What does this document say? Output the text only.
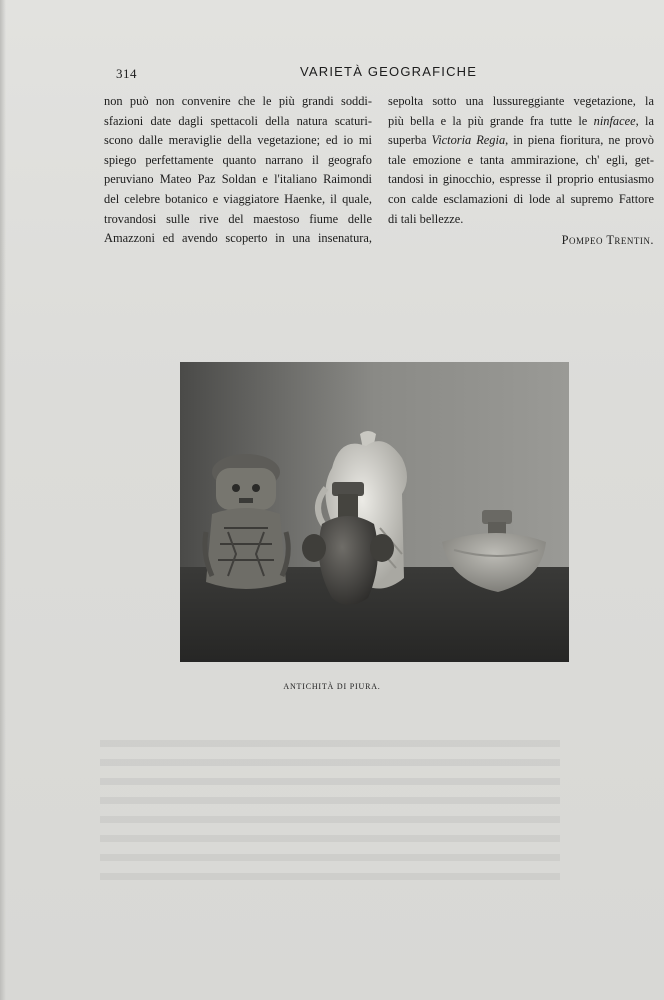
314	VARIETÀ GEOGRAFICHE
non può non convenire che le più grandi soddi-
sfazioni date dagli spettacoli della natura scaturi-
scono dalle meraviglie della vegetazione; ed io mi
spiego perfettamente quanto narrano il geografo
peruviano Mateo Paz Soldan e l'italiano Raimondi
del celebre botanico e viaggiatore Haenke, il quale,
trovandosi sulle rive del maestoso fiume delle
Amazzoni ed avendo scoperto in una insenatura,
sepolta sotto una lussureggiante vegetazione, la
più bella e la più grande fra tutte le ninfacee, la
superba Victoria Regia, in piena fioritura, ne provò
tale emozione e tanta ammirazione, ch' egli, get-
tandosi in ginocchio, espresse il proprio entusiasmo
con calde esclamazioni di lode al supremo Fattore
di tali bellezze.
Pompeo Trentin.
ANTICHITÀ DI PIURA.
